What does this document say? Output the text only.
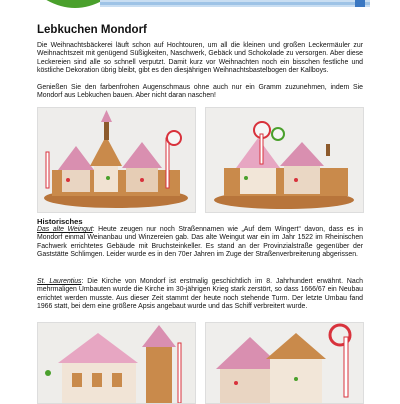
Lebkuchen Mondorf

Die Weihnachtsbäckerei läuft schon auf Hochtouren, um all die kleinen und großen Leckermäuler zur Weihnachtszeit mit genügend Süßigkeiten, Naschwerk, Gebäck und Schokolade zu versorgen. Aber diese Leckereien sind alle so schnell verputzt. Damit kurz vor Weihnachten noch ein bisschen festliche und köstliche Dekoration übrig bleibt, gibt es den diesjährigen Weihnachtsbastelbogen der Kallboys.

Genießen Sie den farbenfrohen Augenschmaus ohne auch nur ein Gramm zuzunehmen, indem Sie Mondorf aus Lebkuchen bauen. Aber nicht daran naschen!

Historisches

Das alte Weingut: Heute zeugen nur noch Straßennamen wie „Auf dem Wingert“ davon, dass es in Mondorf einmal Weinanbau und Winzereien gab. Das alte Weingut war ein im Jahr 1522 im Rheinischen Fachwerk errichtetes Gebäude mit Bruchsteinkeller. Es stand an der Provinzialstraße gegenüber der Gaststätte Schlimgen. Leider wurde es in den 70er Jahren im Zuge der Straßenverbreiterung abgerissen.

St. Laurentius: Die Kirche von Mondorf ist erstmalig geschichtlich im 8. Jahrhundert erwähnt. Nach mehrmaligen Umbauten wurde die Kirche im 30-jährigen Krieg stark zerstört, so dass 1666/67 ein Neubau errichtet werden musste. Aus dieser Zeit stammt der heute noch stehende Turm. Der letzte Umbau fand 1966 statt, bei dem eine größere Apsis angebaut wurde und das Schiff verbreitert wurde.
